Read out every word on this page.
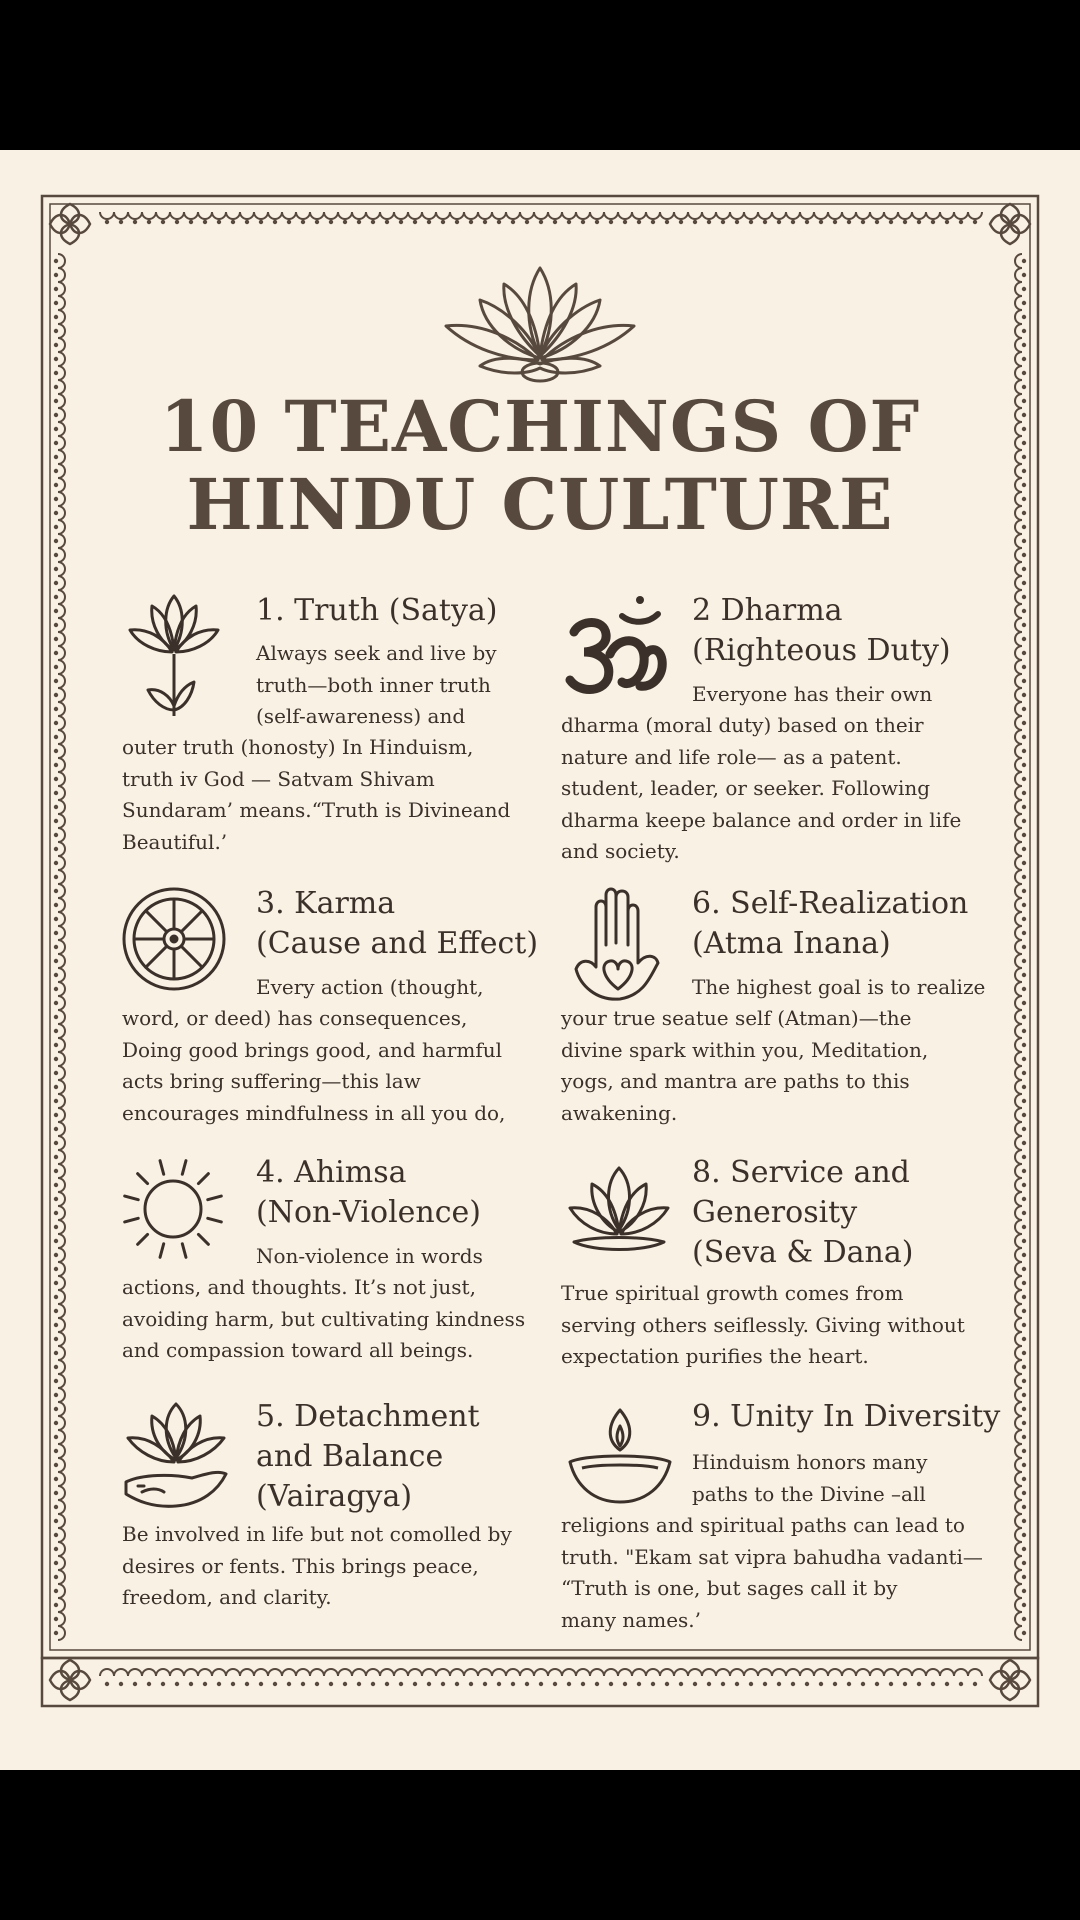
10 TEACHINGS OF
HINDU CULTURE
1. Truth (Satya)
Always seek and live by
truth—both inner truth
(self-awareness) and
outer truth (honosty) In Hinduism,
truth iv God — Satvam Shivam
Sundaram’ means.“Truth is Divineand
Beautiful.’
2 Dharma
(Righteous Duty)
Everyone has their own
dharma (moral duty) based on their
nature and life role— as a patent.
student, leader, or seeker. Following
dharma keepe balance and order in life
and society.
3. Karma
(Cause and Effect)
Every action (thought,
word, or deed) has consequences,
Doing good brings good, and harmful
acts bring suffering—this law
encourages mindfulness in all you do,
6. Self-Realization
(Atma Inana)
The highest goal is to realize
your true seatue self (Atman)—the
divine spark within you, Meditation,
yogs, and mantra are paths to this
awakening.
4. Ahimsa
(Non-Violence)
Non-violence in words
actions, and thoughts. It’s not just,
avoiding harm, but cultivating kindness
and compassion toward all beings.
8. Service and
Generosity
(Seva & Dana)
True spiritual growth comes from
serving others seiflessly. Giving without
expectation purifies the heart.
5. Detachment
and Balance
(Vairagya)
Be involved in life but not comolled by
desires or fents. This brings peace,
freedom, and clarity.
9. Unity In Diversity
Hinduism honors many
paths to the Divine –all
religions and spiritual paths can lead to
truth. "Ekam sat vipra bahudha vadanti—
“Truth is one, but sages call it by
many names.’
